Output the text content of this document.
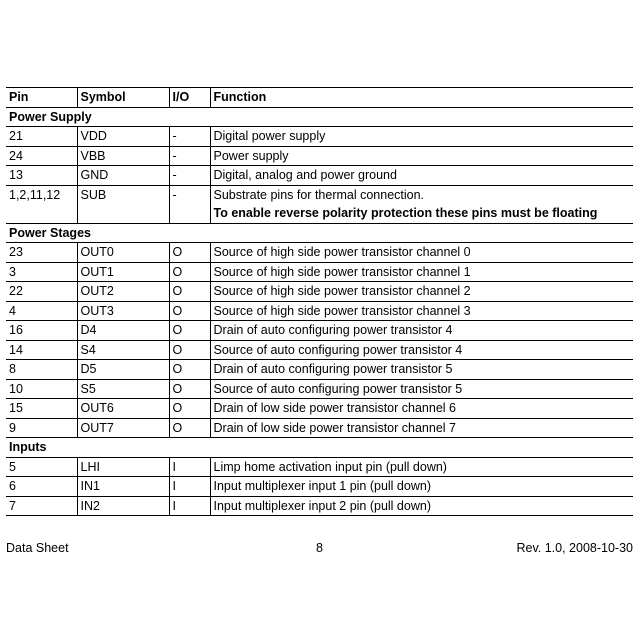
Pin	Symbol	I/O	Function
Power Supply			
21	VDD	-	Digital power supply

24	VBB	-	Power supply

13	GND	-	Digital, analog and power ground

1,2,11,12	SUB	-	Substrate pins for thermal connection.
To enable reverse polarity protection these pins must be floating

Power Stages			
23	OUT0	O	Source of high side power transistor channel 0

3	OUT1	O	Source of high side power transistor channel 1

22	OUT2	O	Source of high side power transistor channel 2

4	OUT3	O	Source of high side power transistor channel 3

16	D4	O	Drain of auto configuring power transistor 4

14	S4	O	Source of auto configuring power transistor 4

8	D5	O	Drain of auto configuring power transistor 5

10	S5	O	Source of auto configuring power transistor 5

15	OUT6	O	Drain of low side power transistor channel 6

9	OUT7	O	Drain of low side power transistor channel 7

Inputs			
5	LHI	I	Limp home activation input pin (pull down)

6	IN1	I	Input multiplexer input 1 pin (pull down)

7	IN2	I	Input multiplexer input 2 pin (pull down)
Data Sheet	8	Rev. 1.0, 2008-10-30
